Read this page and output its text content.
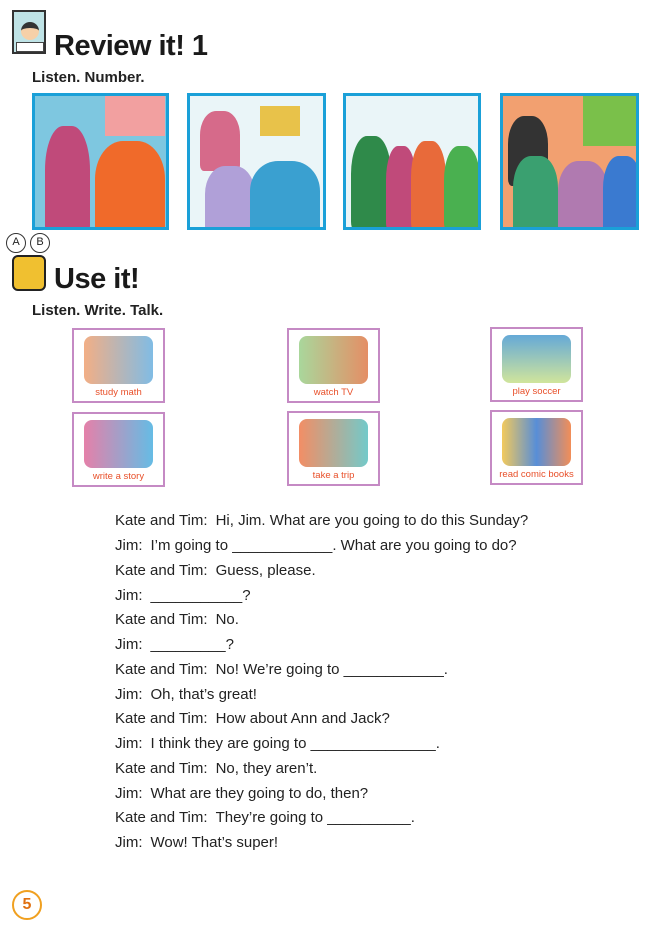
Review it! 1
Listen. Number.
A	B
Use it!
Listen. Write. Talk.
study math	watch TV	play soccer
write a story	take a trip	read comic books
Kate and Tim: Hi, Jim. What are you going to do this Sunday?
Jim: I’m going to ____________. What are you going to do?
Kate and Tim: Guess, please.
Jim: ___________?
Kate and Tim: No.
Jim: _________?
Kate and Tim: No! We’re going to ____________.
Jim: Oh, that’s great!
Kate and Tim: How about Ann and Jack?
Jim: I think they are going to _______________.
Kate and Tim: No, they aren’t.
Jim: What are they going to do, then?
Kate and Tim: They’re going to __________.
Jim: Wow! That’s super!
5
